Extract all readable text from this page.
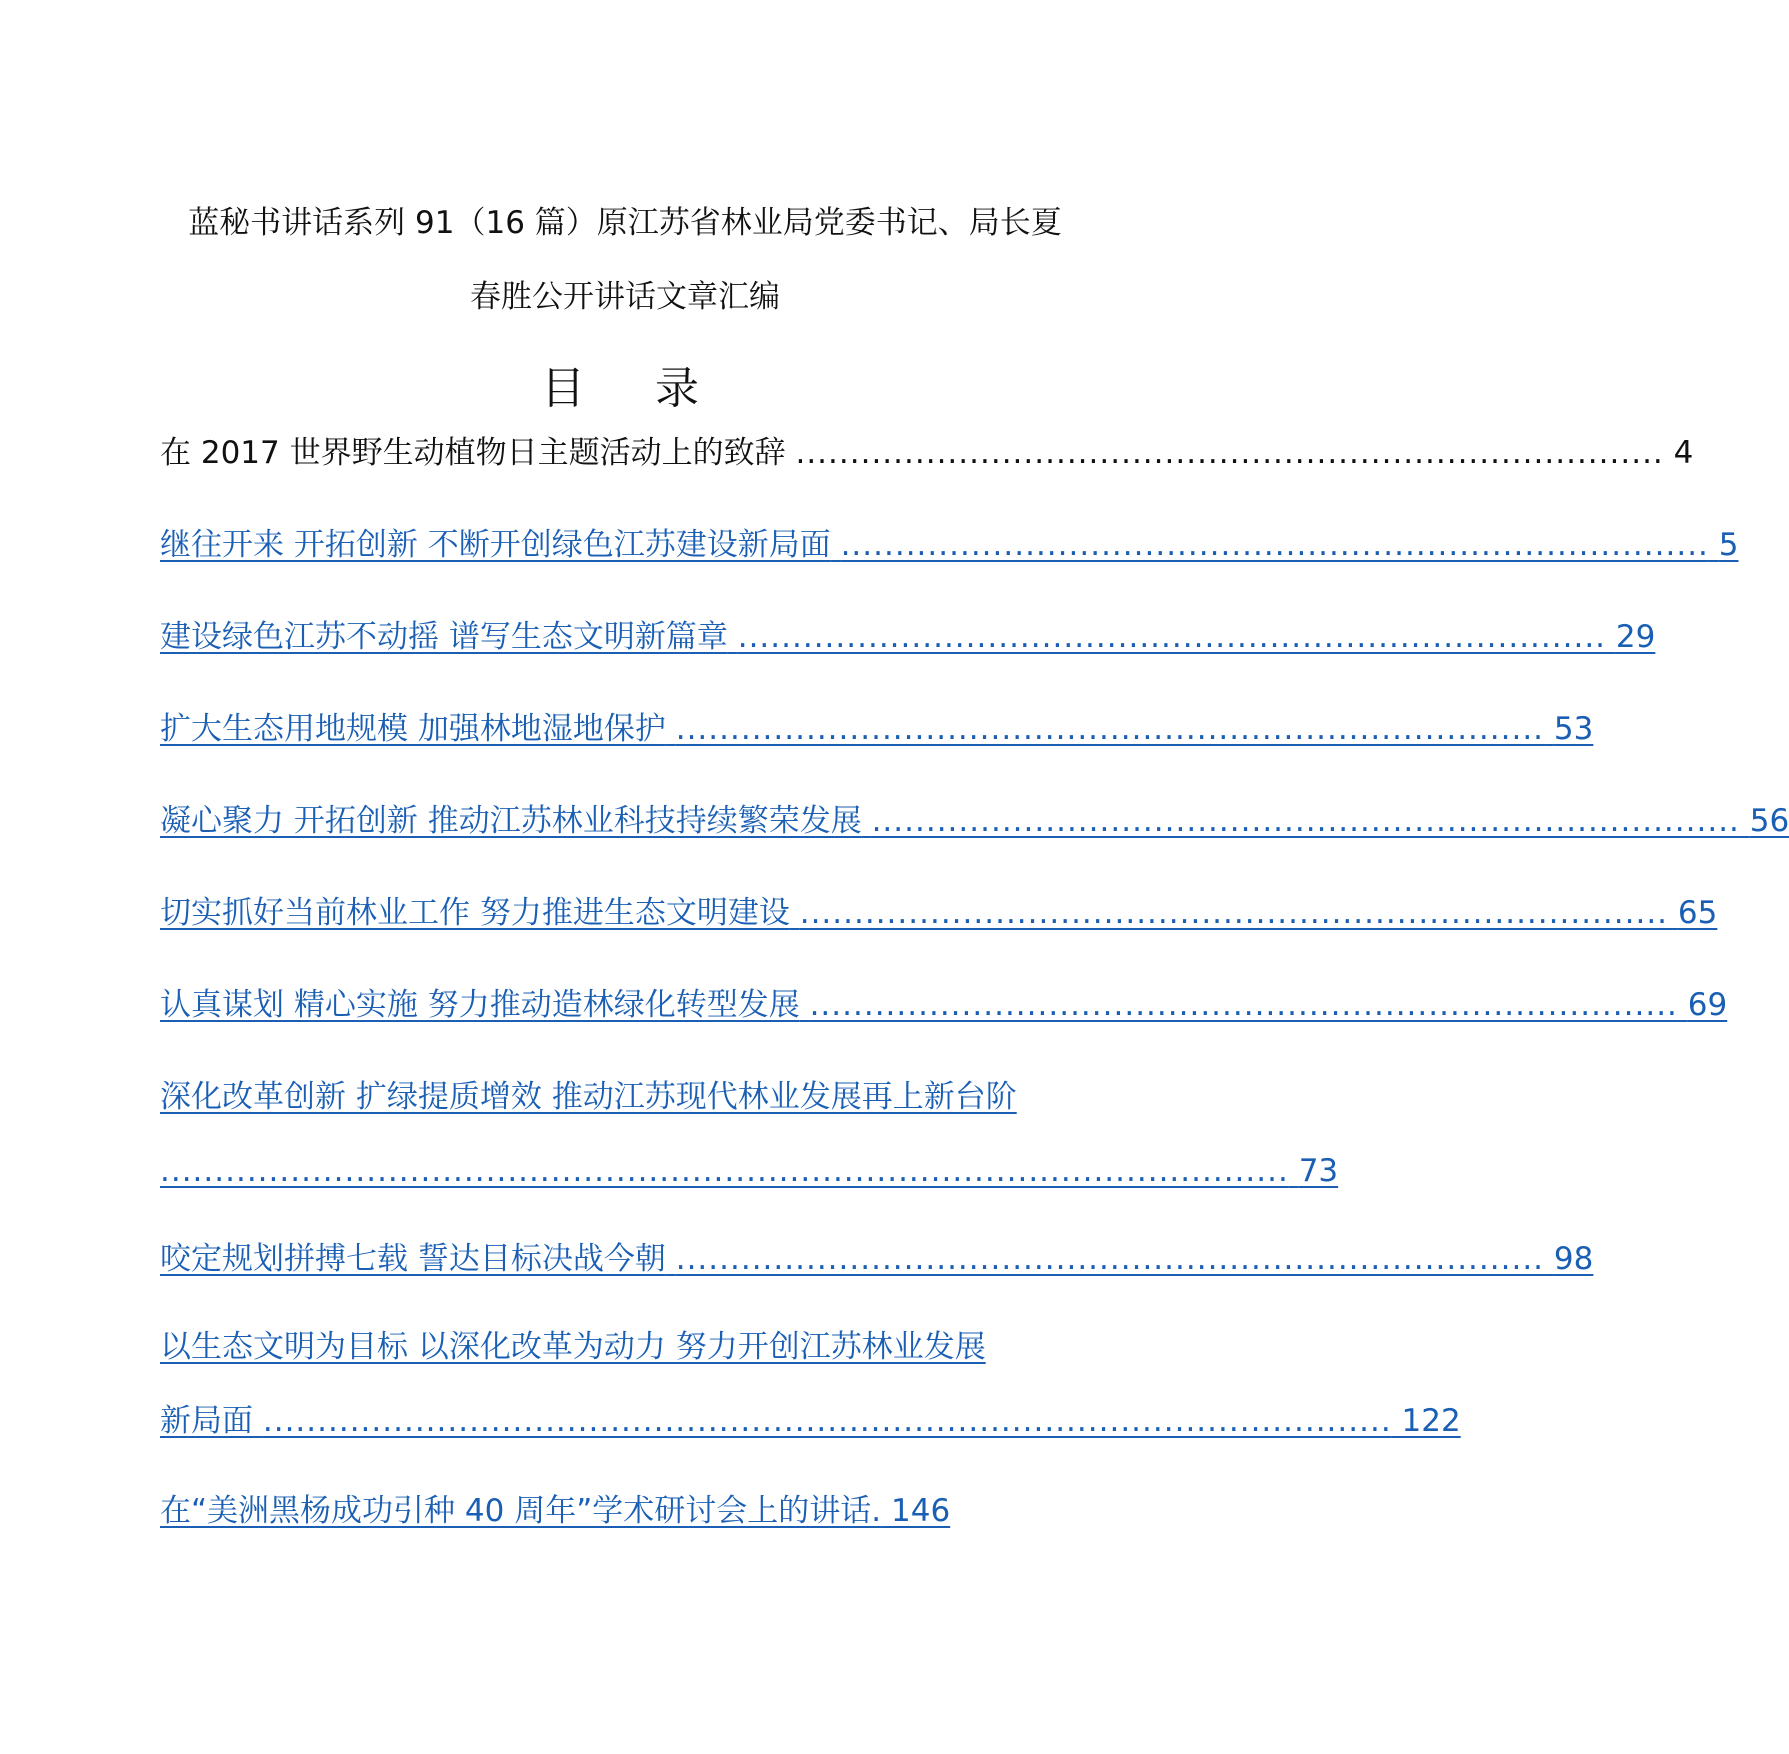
蓝秘书讲话系列 91（16 篇）原江苏省林业局党委书记、局长夏
春胜公开讲话文章汇编
目 录
在 2017 世界野生动植物日主题活动上的致辞 ................................................................................ 4
继往开来 开拓创新 不断开创绿色江苏建设新局面 ................................................................................ 5
建设绿色江苏不动摇 谱写生态文明新篇章 ................................................................................ 29
扩大生态用地规模 加强林地湿地保护 ................................................................................ 53
凝心聚力 开拓创新 推动江苏林业科技持续繁荣发展 ................................................................................ 56
切实抓好当前林业工作 努力推进生态文明建设 ................................................................................ 65
认真谋划 精心实施 努力推动造林绿化转型发展 ................................................................................ 69
深化改革创新 扩绿提质增效 推动江苏现代林业发展再上新台阶
........................................................................................................ 73
咬定规划拼搏七载 誓达目标决战今朝 ................................................................................ 98
以生态文明为目标 以深化改革为动力 努力开创江苏林业发展
新局面 ........................................................................................................ 122
在“美洲黑杨成功引种 40 周年”学术研讨会上的讲话. 146
